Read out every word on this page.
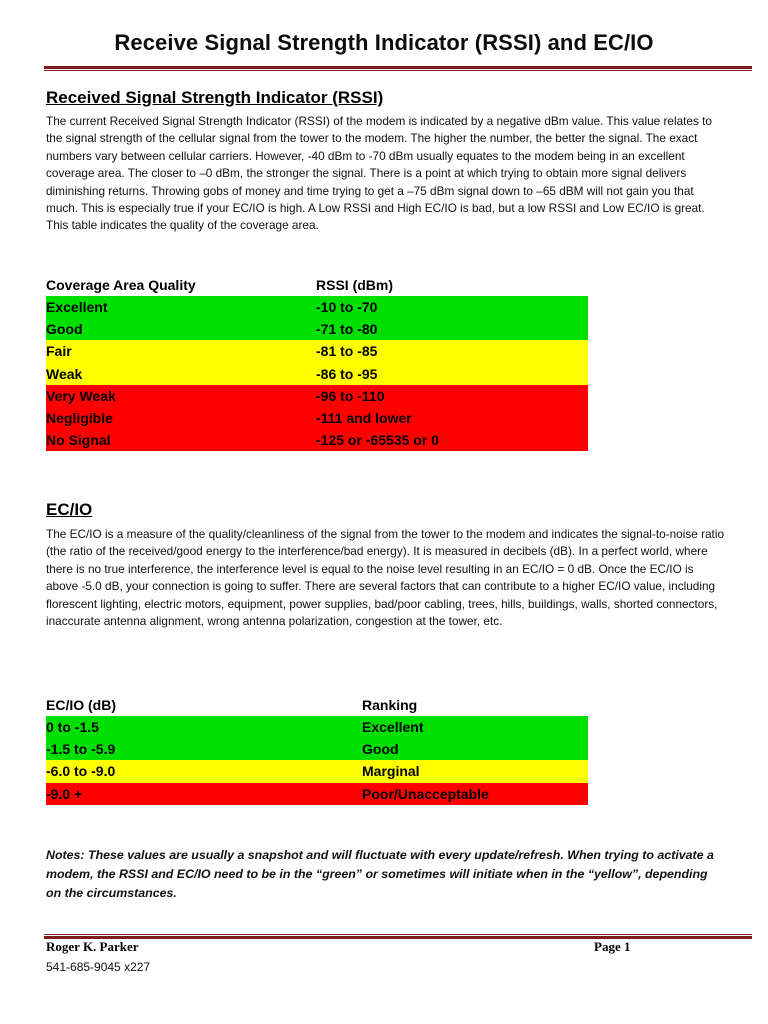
Receive Signal Strength Indicator (RSSI) and EC/IO
Received Signal Strength Indicator (RSSI)
The current Received Signal Strength Indicator (RSSI) of the modem is indicated by a negative dBm value. This value relates to the signal strength of the cellular signal from the tower to the modem. The higher the number, the better the signal. The exact numbers vary between cellular carriers. However, -40 dBm to -70 dBm usually equates to the modem being in an excellent coverage area. The closer to –0 dBm, the stronger the signal. There is a point at which trying to obtain more signal delivers diminishing returns. Throwing gobs of money and time trying to get a –75 dBm signal down to –65 dBM will not gain you that much. This is especially true if your EC/IO is high. A Low RSSI and High EC/IO is bad, but a low RSSI and Low EC/IO is great. This table indicates the quality of the coverage area.
Coverage Area Quality	RSSI (dBm)
Excellent	-10 to -70
Good	-71 to -80
Fair	-81 to -85
Weak	-86 to -95
Very Weak	-96 to -110
Negligible	-111 and lower
No Signal	-125 or -65535 or 0
EC/IO
The EC/IO is a measure of the quality/cleanliness of the signal from the tower to the modem and indicates the signal-to-noise ratio (the ratio of the received/good energy to the interference/bad energy). It is measured in decibels (dB). In a perfect world, where there is no true interference, the interference level is equal to the noise level resulting in an EC/IO = 0 dB. Once the EC/IO is above -5.0 dB, your connection is going to suffer. There are several factors that can contribute to a higher EC/IO value, including florescent lighting, electric motors, equipment, power supplies, bad/poor cabling, trees, hills, buildings, walls, shorted connectors, inaccurate antenna alignment, wrong antenna polarization, congestion at the tower, etc.
EC/IO (dB)	Ranking
0 to -1.5	Excellent
-1.5 to -5.9	Good
-6.0 to -9.0	Marginal
-9.0 +	Poor/Unacceptable
Notes: These values are usually a snapshot and will fluctuate with every update/refresh. When trying to activate a modem, the RSSI and EC/IO need to be in the “green” or sometimes will initiate when in the “yellow”, depending on the circumstances.
Roger K. Parker	Page 1
541-685-9045 x227
